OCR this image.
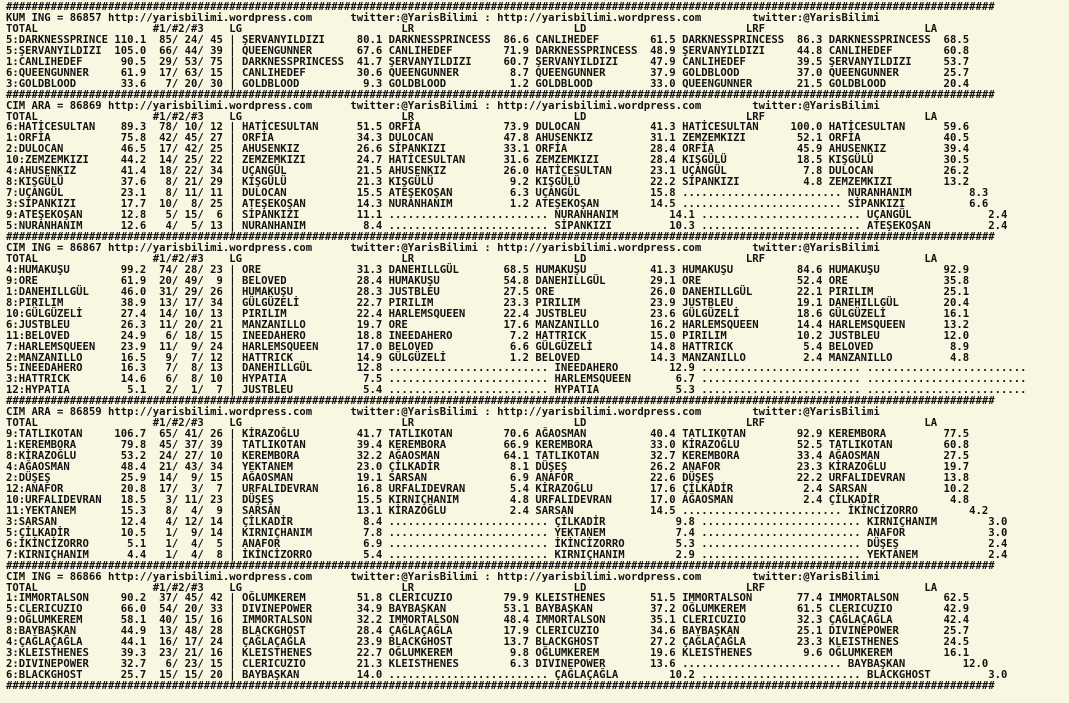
###########################################################################################################################################################
KUM ING = 86857 http://yarisbilimi.wordpress.com      twitter:@YarisBilimi : http://yarisbilimi.wordpress.com        twitter:@YarisBilimi
TOTAL                  #1/#2/#3    LG                         LR                         LD                         LRF                         LA
5:DARKNESSPRINCE 110.1  85/ 24/ 45 | ŞERVANYILDIZI     80.1 DARKNESSPRINCESS  86.6 CANLIHEDEF        61.5 DARKNESSPRINCESS  86.3 DARKNESSPRINCESS  68.5
5:ŞERVANYILDIZI  105.0  66/ 44/ 39 | QUEENGUNNER       67.6 CANLIHEDEF        71.9 DARKNESSPRINCESS  48.9 ŞERVANYILDIZI     44.8 CANLIHEDEF        60.8
1:CANLIHEDEF      90.5  29/ 53/ 75 | DARKNESSPRINCESS  41.7 ŞERVANYILDIZI     60.7 ŞERVANYILDIZI     47.9 CANLIHEDEF        39.5 ŞERVANYILDIZI     53.7
6:QUEENGUNNER     61.9  17/ 63/ 15 | CANLIHEDEF        30.6 QUEENGUNNER        8.7 QUEENGUNNER       37.9 GOLDBLOOD         37.0 QUEENGUNNER       25.7
3:GOLDBLOOD       33.6   7/ 20/ 30 | GOLDBLOOD          9.3 GOLDBLOOD          1.2 GOLDBLOOD         33.0 QUEENGUNNER       21.5 GOLDBLOOD         20.4
###########################################################################################################################################################
CIM ARA = 86869 http://yarisbilimi.wordpress.com      twitter:@YarisBilimi : http://yarisbilimi.wordpress.com        twitter:@YarisBilimi
TOTAL                  #1/#2/#3    LG                         LR                         LD                         LRF                         LA
6:HATİCESULTAN    89.3  78/ 10/ 12 | HATİCESULTAN      51.5 ORFİA             73.9 DULOCAN           41.3 HATİCESULTAN     100.0 HATİCESULTAN      59.6
1:ORFİA           75.8  42/ 45/ 27 | ORFİA             34.3 DULOCAN           47.8 AHUSENKIZ         31.1 ZEMZEMKIZI        52.1 ORFİA             40.5
2:DULOCAN         46.5  17/ 42/ 25 | AHUSENKIZ         26.6 SİPANKIZI         33.1 ORFİA             28.4 ORFİA             45.9 AHUSENKIZ         39.4
10:ZEMZEMKIZI     44.2  14/ 25/ 22 | ZEMZEMKIZI        24.7 HATİCESULTAN      31.6 ZEMZEMKIZI        28.4 KIŞGÜLÜ           18.5 KIŞGÜLÜ           30.5
4:AHUSENKIZ       41.4  18/ 22/ 34 | UÇANGÜL           21.5 AHUSENKIZ         26.0 HATİCESULTAN      23.1 UÇANGÜL            7.8 DULOCAN           26.2
8:KIŞGÜLÜ         37.6   8/ 21/ 29 | KIŞGÜLÜ           21.3 KIŞGÜLÜ            9.2 KIŞGÜLÜ           22.2 SİPANKIZI          4.8 ZEMZEMKIZI        13.2
7:UÇANGÜL         23.1   8/ 11/ 11 | DULOCAN           15.5 ATEŞEKOŞAN         6.3 UÇANGÜL           15.8 ......................... NURANHANIM         8.3
3:SİPANKIZI       17.7  10/  8/ 25 | ATEŞEKOŞAN        14.3 NURANHANIM         1.2 ATEŞEKOŞAN        14.5 ......................... SİPANKIZI          6.6
9:ATEŞEKOŞAN      12.8   5/ 15/  6 | SİPANKIZI         11.1 ......................... NURANHANIM        14.1 ......................... UÇANGÜL            2.4
5:NURANHANIM      12.6   4/  5/ 13 | NURANHANIM         8.4 ......................... SİPANKIZI         10.3 ......................... ATEŞEKOŞAN         2.4
###########################################################################################################################################################
CIM ING = 86867 http://yarisbilimi.wordpress.com      twitter:@YarisBilimi : http://yarisbilimi.wordpress.com        twitter:@YarisBilimi
TOTAL                  #1/#2/#3    LG                         LR                         LD                         LRF                         LA
4:HUMAKUŞU        99.2  74/ 28/ 23 | ORE               31.3 DANEHILLGÜL       68.5 HUMAKUŞU          41.3 HUMAKUŞU          84.6 HUMAKUŞU          92.9
9:ORE             61.9  20/ 49/  9 | BELOVED           28.4 HUMAKUŞU          54.8 DANEHILLGÜL       29.1 ORE               52.4 ORE               35.8
1:DANEHILLGÜL     46.0  31/ 29/ 26 | HUMAKUŞU          28.3 JUSTBLEU          27.5 ORE               26.0 DANEHILLGÜL       22.1 PIRILIM           25.1
8:PIRILIM         38.9  13/ 17/ 34 | GÜLGÜZELİ         22.7 PIRILIM           23.3 PIRILIM           23.9 JUSTBLEU          19.1 DANEHILLGÜL       20.4
10:GÜLGÜZELİ      27.4  14/ 10/ 13 | PIRILIM           22.4 HARLEMSQUEEN      22.4 JUSTBLEU          23.6 GÜLGÜZELİ         18.6 GÜLGÜZELİ         16.1
6:JUSTBLEU        26.3  11/ 20/ 21 | MANZANILLO        19.7 ORE               17.6 MANZANILLO        16.2 HARLEMSQUEEN      14.4 HARLEMSQUEEN      13.2
11:BELOVED        24.9   6/ 18/ 15 | INEEDAHERO        18.8 INEEDAHERO         7.2 HATTRICK          15.0 PIRILIM           10.2 JUSTBLEU          12.0
7:HARLEMSQUEEN    23.9  11/  9/ 24 | HARLEMSQUEEN      17.0 BELOVED            6.6 GÜLGÜZELİ         14.8 HATTRICK           5.4 BELOVED            8.9
2:MANZANILLO      16.5   9/  7/ 12 | HATTRICK          14.9 GÜLGÜZELİ          1.2 BELOVED           14.3 MANZANILLO         2.4 MANZANILLO         4.8
5:INEEDAHERO      16.3   7/  8/ 13 | DANEHILLGÜL       12.8 ......................... INEEDAHERO        12.9 ......................... .........................
3:HATTRICK        14.6   6/  8/ 10 | HYPATIA            7.5 ......................... HARLEMSQUEEN       6.7 ......................... .........................
12:HYPATIA         5.1   2/  1/  7 | JUSTBLEU           5.4 ......................... HYPATIA            5.3 ......................... .........................
###########################################################################################################################################################
CIM ARA = 86859 http://yarisbilimi.wordpress.com      twitter:@YarisBilimi : http://yarisbilimi.wordpress.com        twitter:@YarisBilimi
TOTAL                  #1/#2/#3    LG                         LR                         LD                         LRF                         LA
9:TATLIKOTAN     106.7  65/ 41/ 26 | KİRAZOĞLU         41.7 TATLIKOTAN        70.6 AĞAOSMAN          40.4 TATLIKOTAN        92.9 KEREMBORA         77.5
1:KEREMBORA       79.8  45/ 37/ 39 | TATLIKOTAN        39.4 KEREMBORA         66.9 KEREMBORA         33.0 KİRAZOĞLU         52.5 TATLIKOTAN        60.8
8:KİRAZOĞLU       53.2  24/ 27/ 10 | KEREMBORA         32.2 AĞAOSMAN          64.1 TATLIKOTAN        32.7 KEREMBORA         33.4 AĞAOSMAN          27.5
4:AĞAOSMAN        48.4  21/ 43/ 34 | YEKTANEM          23.0 ÇİLKADİR           8.1 DÜŞEŞ             26.2 ANAFOR            23.3 KİRAZOĞLU         19.7
2:DÜŞEŞ           25.9  14/  9/ 15 | AĞAOSMAN          19.1 SARSAN             6.9 ANAFOR            22.6 DÜŞEŞ             22.2 URFALIDEVRAN      13.8
12:ANAFOR         20.8  17/  3/  7 | URFALIDEVRAN      16.8 URFALIDEVRAN       5.4 KİRAZOĞLU         17.6 ÇİLKADİR           2.4 SARSAN            10.2
10:URFALIDEVRAN   18.5   3/ 11/ 23 | DÜŞEŞ             15.5 KIRNIÇHANIM        4.8 URFALIDEVRAN      17.0 AĞAOSMAN           2.4 ÇİLKADİR           4.8
11:YEKTANEM       15.3   8/  4/  9 | SARSAN            13.1 KİRAZOĞLU          2.4 SARSAN            14.5 ......................... İKİNCİZORRO        4.2
3:SARSAN          12.4   4/ 12/ 14 | ÇİLKADİR           8.4 ......................... ÇİLKADİR           9.8 ......................... KIRNIÇHANIM        3.0
5:ÇİLKADİR        10.5   1/  9/ 14 | KIRNIÇHANIM        7.8 ......................... YEKTANEM           7.4 ......................... ANAFOR             3.0
6:İKİNCİZORRO      5.1   1/  4/  5 | ANAFOR             6.9 ......................... İKİNCİZORRO        5.3 ......................... DÜŞEŞ              2.4
7:KIRNIÇHANIM      4.4   1/  4/  8 | İKİNCİZORRO        5.4 ......................... KIRNIÇHANIM        2.9 ......................... YEKTANEM           2.4
###########################################################################################################################################################
CIM ING = 86866 http://yarisbilimi.wordpress.com      twitter:@YarisBilimi : http://yarisbilimi.wordpress.com        twitter:@YarisBilimi
TOTAL                  #1/#2/#3    LG                         LR                         LD                         LRF                         LA
1:IMMORTALSON     90.2  37/ 45/ 42 | OĞLUMKEREM        51.8 CLERICUZIO        79.9 KLEISTHENES       51.5 IMMORTALSON       77.4 IMMORTALSON       62.5
5:CLERICUZIO      66.0  54/ 20/ 33 | DIVINEPOWER       34.9 BAYBAŞKAN         53.1 BAYBAŞKAN         37.2 OĞLUMKEREM        61.5 CLERICUZIO        42.9
9:OĞLUMKEREM      58.1  40/ 15/ 16 | IMMORTALSON       32.2 IMMORTALSON       48.4 IMMORTALSON       35.1 CLERICUZIO        32.3 ÇAĞLAÇAĞLA        42.4
8:BAYBAŞKAN       44.9  13/ 48/ 28 | BLACKGHOST        28.4 ÇAĞLAÇAĞLA        17.9 CLERICUZIO        34.6 BAYBAŞKAN         25.1 DIVINEPOWER       25.7
4:ÇAĞLAÇAĞLA      44.1  16/ 17/ 24 | ÇAĞLAÇAĞLA        23.9 BLACKGHOST        13.7 BLACKGHOST        27.2 ÇAĞLAÇAĞLA        23.3 KLEISTHENES       24.5
3:KLEISTHENES     39.3  23/ 21/ 16 | KLEISTHENES       22.7 OĞLUMKEREM         9.8 OĞLUMKEREM        19.6 KLEISTHENES        9.6 OĞLUMKEREM        16.1
2:DIVINEPOWER     32.7   6/ 23/ 15 | CLERICUZIO        21.3 KLEISTHENES        6.3 DIVINEPOWER       13.6 ......................... BAYBAŞKAN         12.0
6:BLACKGHOST      25.7  15/ 15/ 20 | BAYBAŞKAN         14.0 ......................... ÇAĞLAÇAĞLA        10.2 ......................... BLACKGHOST         3.0
###########################################################################################################################################################
